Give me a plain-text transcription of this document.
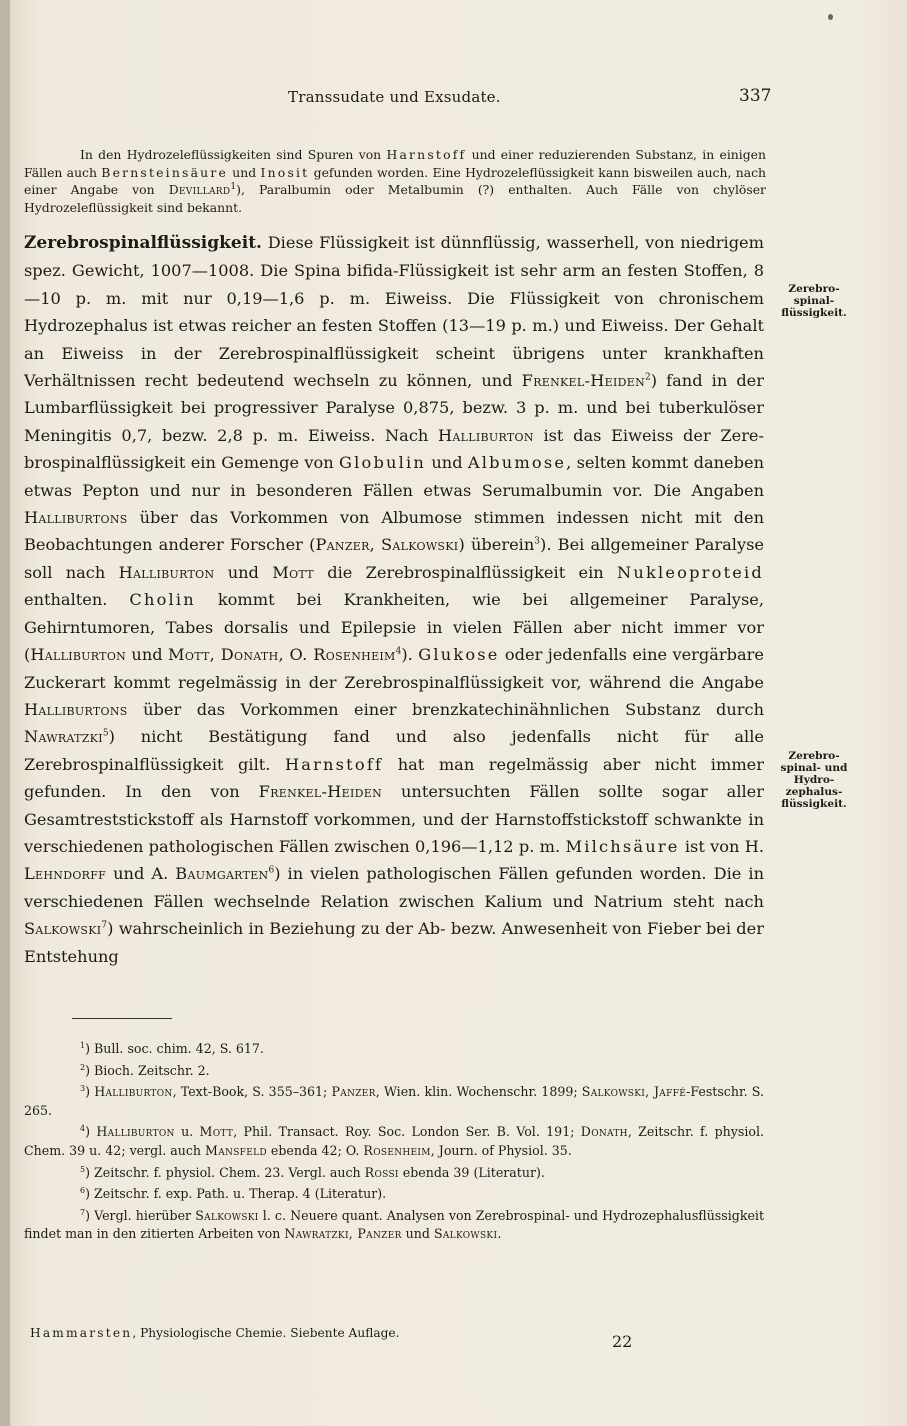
Transsudate und Exsudate.	337

In den Hydrozeleflüssigkeiten sind Spuren von Harnstoff und einer reduzierenden Substanz, in einigen Fällen auch Bernsteinsäure und Inosit gefunden worden. Eine Hydrozeleflüssigkeit kann bisweilen auch, nach einer Angabe von Devillard$^1$), Paralbumin oder Metalbumin (?) enthalten. Auch Fälle von chylöser Hydrozeleflüssigkeit sind bekannt.

Zerebrospinalflüssigkeit. Diese Flüssigkeit ist dünnflüssig, wasserhell, von niedrigem spez. Gewicht, 1007—1008. Die Spina bifida-Flüssigkeit ist sehr arm an festen Stoffen, 8—10 p. m. mit nur 0,19—1,6 p. m. Eiweiss. Die Flüssigkeit von chronischem Hydrozephalus ist etwas reicher an festen Stoffen (13—19 p. m.) und Eiweiss. Der Gehalt an Eiweiss in der Zerebrospinalflüssigkeit scheint übrigens unter krankhaften Verhältnissen recht bedeutend wechseln zu können, und Frenkel-Heiden$^2$) fand in der Lumbarflüssigkeit bei progressiver Paralyse 0,875, bezw. 3 p. m. und bei tuberkulöser Meningitis 0,7, bezw. 2,8 p. m. Eiweiss. Nach Halliburton ist das Eiweiss der Zerebrospinalflüssigkeit ein Gemenge von Globulin und Albumose, selten kommt daneben etwas Pepton und nur in besonderen Fällen etwas Serumalbumin vor. Die Angaben Halliburtons über das Vorkommen von Albumose stimmen indessen nicht mit den Beobachtungen anderer Forscher (Panzer, Salkowski) überein$^3$). Bei allgemeiner Paralyse soll nach Halliburton und Mott die Zerebrospinalflüssigkeit ein Nukleoproteid enthalten. Cholin kommt bei Krankheiten, wie bei allgemeiner Paralyse, Gehirntumoren, Tabes dorsalis und Epilepsie in vielen Fällen aber nicht immer vor (Halliburton und Mott, Donath, O. Rosenheim$^4$). Glukose oder jedenfalls eine vergärbare Zuckerart kommt regelmässig in der Zerebrospinalflüssigkeit vor, während die Angabe Halliburtons über das Vorkommen einer brenzkatechinähnlichen Substanz durch Nawratzki$^5$) nicht Bestätigung fand und also jedenfalls nicht für alle Zerebrospinalflüssigkeit gilt. Harnstoff hat man regelmässig aber nicht immer gefunden. In den von Frenkel-Heiden untersuchten Fällen sollte sogar aller Gesamtreststickstoff als Harnstoff vorkommen, und der Harnstoffstickstoff schwankte in verschiedenen pathologischen Fällen zwischen 0,196—1,12 p. m. Milchsäure ist von H. Lehndorff und A. Baumgarten$^6$) in vielen pathologischen Fällen gefunden worden. Die in verschiedenen Fällen wechselnde Relation zwischen Kalium und Natrium steht nach Salkowski$^7$) wahrscheinlich in Beziehung zu der Ab- bezw. Anwesenheit von Fieber bei der Entstehung

Zerebro-
spinal-
flüssigkeit.
Zerebro-
spinal- und
Hydro-
zephalus-
flüssigkeit.

$^1$) Bull. soc. chim. 42, S. 617.

$^2$) Bioch. Zeitschr. 2.

$^3$) Halliburton, Text-Book, S. 355–361; Panzer, Wien. klin. Wochenschr. 1899; Salkowski, Jaffé-Festschr. S. 265.

$^4$) Halliburton u. Mott, Phil. Transact. Roy. Soc. London Ser. B. Vol. 191; Donath, Zeitschr. f. physiol. Chem. 39 u. 42; vergl. auch Mansfeld ebenda 42; O. Rosenheim, Journ. of Physiol. 35.

$^5$) Zeitschr. f. physiol. Chem. 23. Vergl. auch Rossi ebenda 39 (Literatur).

$^6$) Zeitschr. f. exp. Path. u. Therap. 4 (Literatur).

$^7$) Vergl. hierüber Salkowski l. c. Neuere quant. Analysen von Zerebrospinal- und Hydrozephalusflüssigkeit findet man in den zitierten Arbeiten von Nawratzki, Panzer und Salkowski.

Hammarsten, Physiologische Chemie. Siebente Auflage.	22
